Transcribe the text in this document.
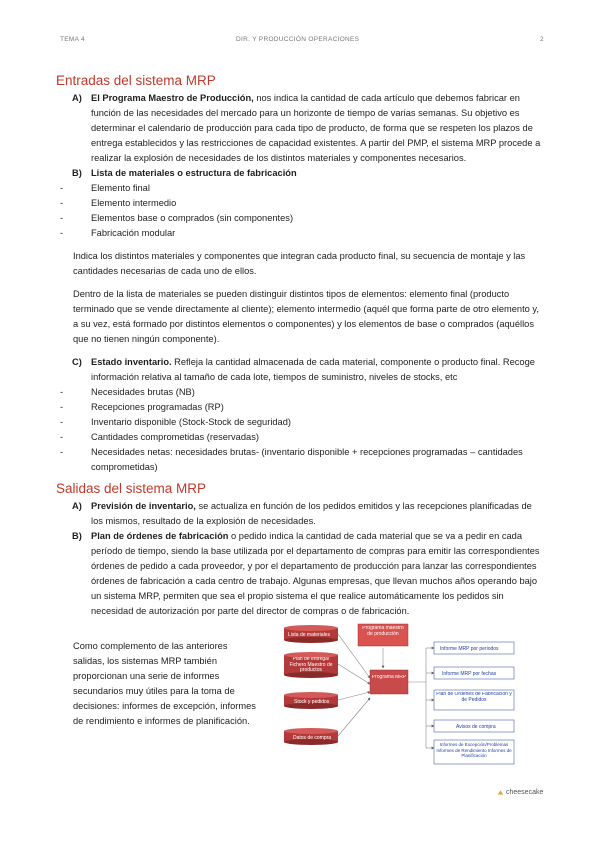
TEMA 4	DIR. Y PRODUCCIÓN OPERACIONES	2
Entradas del sistema MRP
A) El Programa Maestro de Producción, nos indica la cantidad de cada artículo que debemos fabricar en función de las necesidades del mercado para un horizonte de tiempo de varias semanas. Su objetivo es determinar el calendario de producción para cada tipo de producto, de forma que se respeten los plazos de entrega establecidos y las restricciones de capacidad existentes. A partir del PMP, el sistema MRP procede a realizar la explosión de necesidades de los distintos materiales y componentes necesarios.
B) Lista de materiales o estructura de fabricación
- Elemento final
- Elemento intermedio
- Elementos base o comprados (sin componentes)
- Fabricación modular

Indica los distintos materiales y componentes que integran cada producto final, su secuencia de montaje y las cantidades necesarias de cada uno de ellos.

Dentro de la lista de materiales se pueden distinguir distintos tipos de elementos: elemento final (producto terminado que se vende directamente al cliente); elemento intermedio (aquél que forma parte de otro elemento y, a su vez, está formado por distintos elementos o componentes) y los elementos de base o comprados (aquéllos que no tienen ningún componente).

C) Estado inventario. Refleja la cantidad almacenada de cada material, componente o producto final. Recoge información relativa al tamaño de cada lote, tiempos de suministro, niveles de stocks, etc
- Necesidades brutas (NB)
- Recepciones programadas (RP)
- Inventario disponible (Stock-Stock de seguridad)
- Cantidades comprometidas (reservadas)
- Necesidades netas: necesidades brutas- (inventario disponible + recepciones programadas – cantidades comprometidas)
Salidas del sistema MRP
A) Previsión de inventario, se actualiza en función de los pedidos emitidos y las recepciones planificadas de los mismos, resultado de la explosión de necesidades.
B) Plan de órdenes de fabricación o pedido indica la cantidad de cada material que se va a pedir en cada período de tiempo, siendo la base utilizada por el departamento de compras para emitir las correspondientes órdenes de pedido a cada proveedor, y por el departamento de producción para lanzar las correspondientes órdenes de fabricación a cada centro de trabajo. Algunas empresas, que llevan muchos años operando bajo un sistema MRP, permiten que sea el propio sistema el que realice automáticamente los pedidos sin necesidad de autorización por parte del director de compras o de fabricación.
Como complemento de las anteriores salidas, los sistemas MRP también proporcionan una serie de informes secundarios muy útiles para la toma de decisiones: informes de excepción, informes de rendimiento e informes de planificación.
Lista de materiales
Plan de entrega/ Fichero Maestro de productos
Stock y pedidos
Datos de compra
Programa maestro de producción
Programa MRP
Informe MRP por periodos
Informe MRP por fechas
Plan de Órdenes de Fabricación y de Pedidos
Avisos de compra
Informes de Excepción/Problemas Informes de Rendimiento Informes de Planificación
cheesecake
